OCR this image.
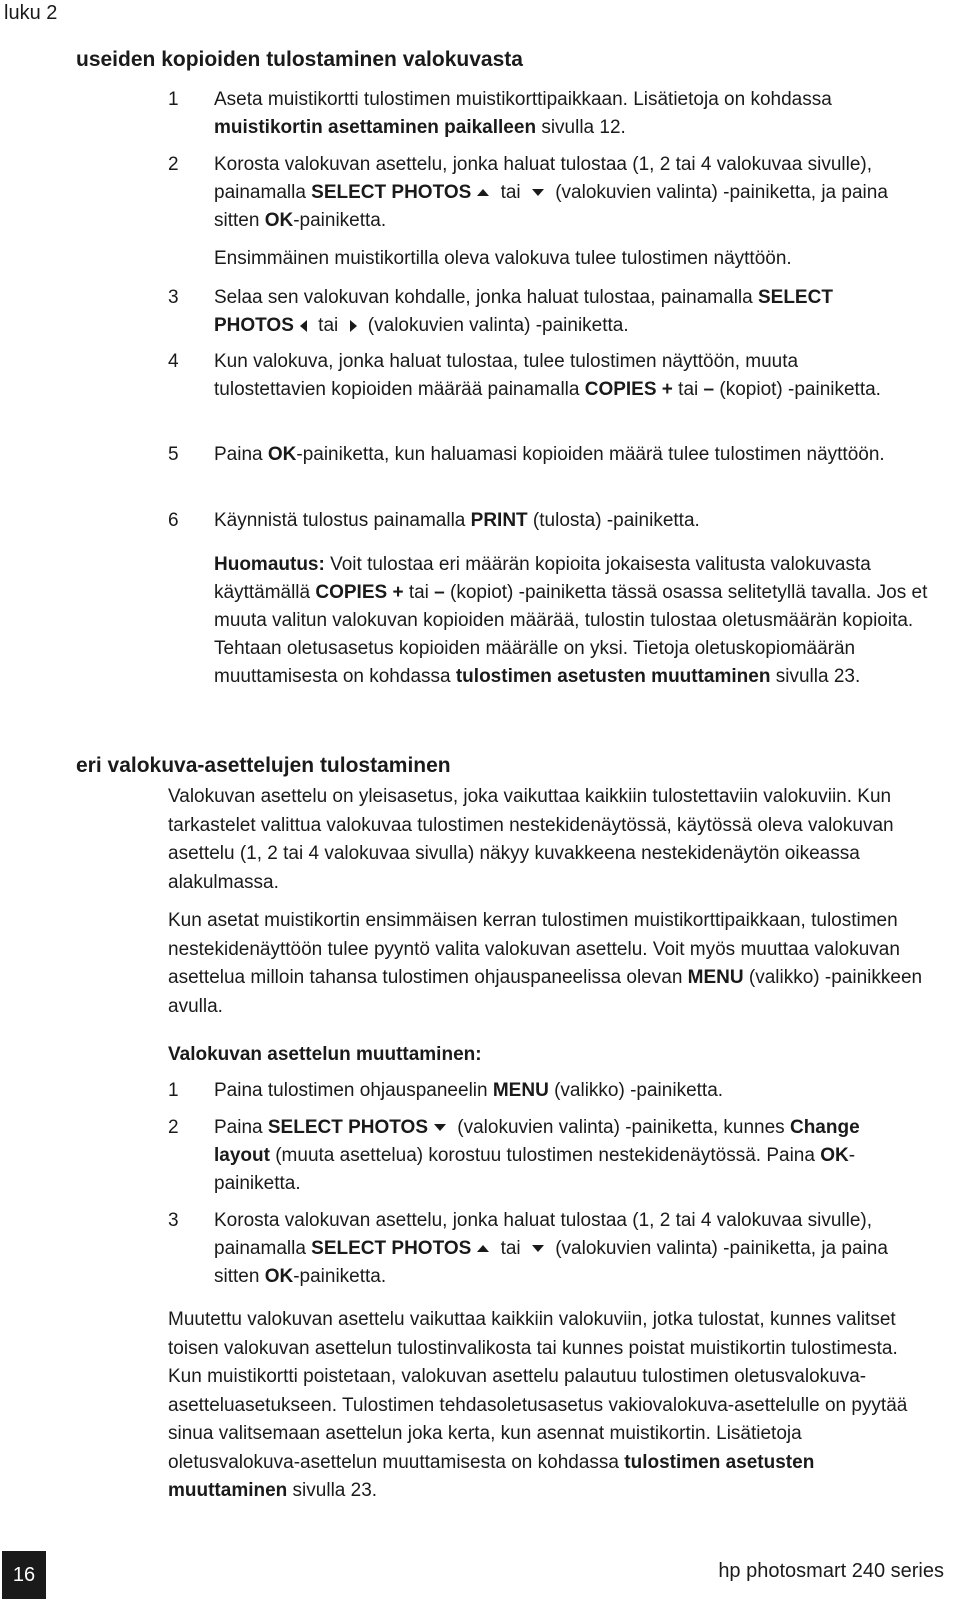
luku 2
useiden kopioiden tulostaminen valokuvasta
1	Aseta muistikortti tulostimen muistikorttipaikkaan. Lisätietoja on kohdassa muistikortin asettaminen paikalleen sivulla 12.
2	Korosta valokuvan asettelu, jonka haluat tulostaa (1, 2 tai 4 valokuvaa sivulle), painamalla SELECT PHOTOS tai  (valokuvien valinta) -painiketta, ja paina sitten OK-painiketta.
Ensimmäinen muistikortilla oleva valokuva tulee tulostimen näyttöön.
3	Selaa sen valokuvan kohdalle, jonka haluat tulostaa, painamalla SELECT PHOTOS tai  (valokuvien valinta) -painiketta.
4	Kun valokuva, jonka haluat tulostaa, tulee tulostimen näyttöön, muuta tulostettavien kopioiden määrää painamalla COPIES + tai – (kopiot) -painiketta.
5	Paina OK-painiketta, kun haluamasi kopioiden määrä tulee tulostimen näyttöön.
6	Käynnistä tulostus painamalla PRINT (tulosta) -painiketta.
Huomautus: Voit tulostaa eri määrän kopioita jokaisesta valitusta valokuvasta käyttämällä COPIES + tai – (kopiot) -painiketta tässä osassa selitetyllä tavalla. Jos et muuta valitun valokuvan kopioiden määrää, tulostin tulostaa oletusmäärän kopioita. Tehtaan oletusasetus kopioiden määrälle on yksi. Tietoja oletuskopiomäärän muuttamisesta on kohdassa tulostimen asetusten muuttaminen sivulla 23.
eri valokuva-asettelujen tulostaminen
Valokuvan asettelu on yleisasetus, joka vaikuttaa kaikkiin tulostettaviin valokuviin. Kun tarkastelet valittua valokuvaa tulostimen nestekidenäytössä, käytössä oleva valokuvan asettelu (1, 2 tai 4 valokuvaa sivulla) näkyy kuvakkeena nestekidenäytön oikeassa alakulmassa.
Kun asetat muistikortin ensimmäisen kerran tulostimen muistikorttipaikkaan, tulostimen nestekidenäyttöön tulee pyyntö valita valokuvan asettelu. Voit myös muuttaa valokuvan asettelua milloin tahansa tulostimen ohjauspaneelissa olevan MENU (valikko) -painikkeen avulla.
Valokuvan asettelun muuttaminen:
1	Paina tulostimen ohjauspaneelin MENU (valikko) -painiketta.
2	Paina SELECT PHOTOS (valokuvien valinta) -painiketta, kunnes Change layout (muuta asettelua) korostuu tulostimen nestekidenäytössä. Paina OK-painiketta.
3	Korosta valokuvan asettelu, jonka haluat tulostaa (1, 2 tai 4 valokuvaa sivulle), painamalla SELECT PHOTOS tai  (valokuvien valinta) -painiketta, ja paina sitten OK-painiketta.
Muutettu valokuvan asettelu vaikuttaa kaikkiin valokuviin, jotka tulostat, kunnes valitset toisen valokuvan asettelun tulostinvalikosta tai kunnes poistat muistikortin tulostimesta. Kun muistikortti poistetaan, valokuvan asettelu palautuu tulostimen oletusvalokuva-asetteluasetukseen. Tulostimen tehdasoletusasetus vakiovalokuva-asettelulle on pyytää sinua valitsemaan asettelun joka kerta, kun asennat muistikortin. Lisätietoja oletusvalokuva-asettelun muuttamisesta on kohdassa tulostimen asetusten muuttaminen sivulla 23.
16	hp photosmart 240 series
